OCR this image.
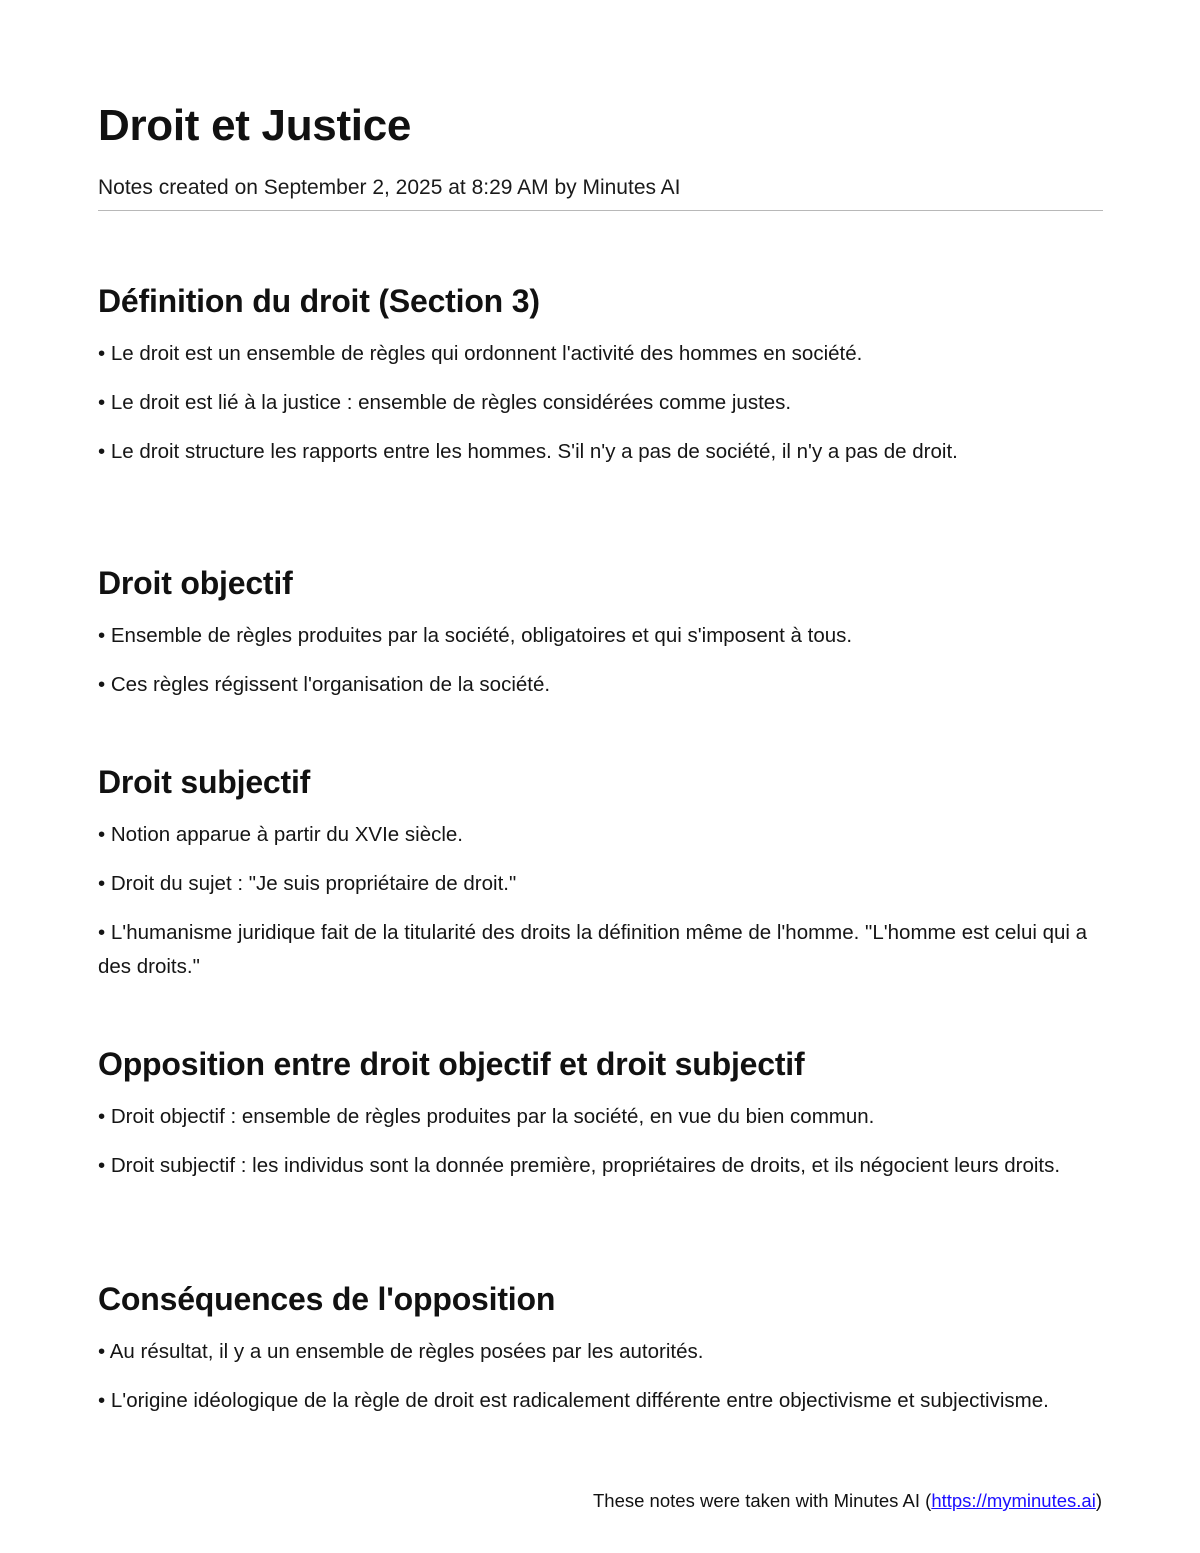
Droit et Justice

Notes created on September 2, 2025 at 8:29 AM by Minutes AI

Définition du droit (Section 3)
• Le droit est un ensemble de règles qui ordonnent l'activité des hommes en société.
• Le droit est lié à la justice : ensemble de règles considérées comme justes.
• Le droit structure les rapports entre les hommes. S'il n'y a pas de société, il n'y a pas de droit.
Droit objectif
• Ensemble de règles produites par la société, obligatoires et qui s'imposent à tous.
• Ces règles régissent l'organisation de la société.
Droit subjectif
• Notion apparue à partir du XVIe siècle.
• Droit du sujet : "Je suis propriétaire de droit."
• L'humanisme juridique fait de la titularité des droits la définition même de l'homme. "L'homme est celui qui a des droits."
Opposition entre droit objectif et droit subjectif
• Droit objectif : ensemble de règles produites par la société, en vue du bien commun.
• Droit subjectif : les individus sont la donnée première, propriétaires de droits, et ils négocient leurs droits.
Conséquences de l'opposition
• Au résultat, il y a un ensemble de règles posées par les autorités.
• L'origine idéologique de la règle de droit est radicalement différente entre objectivisme et subjectivisme.
These notes were taken with Minutes AI (https://myminutes.ai)
